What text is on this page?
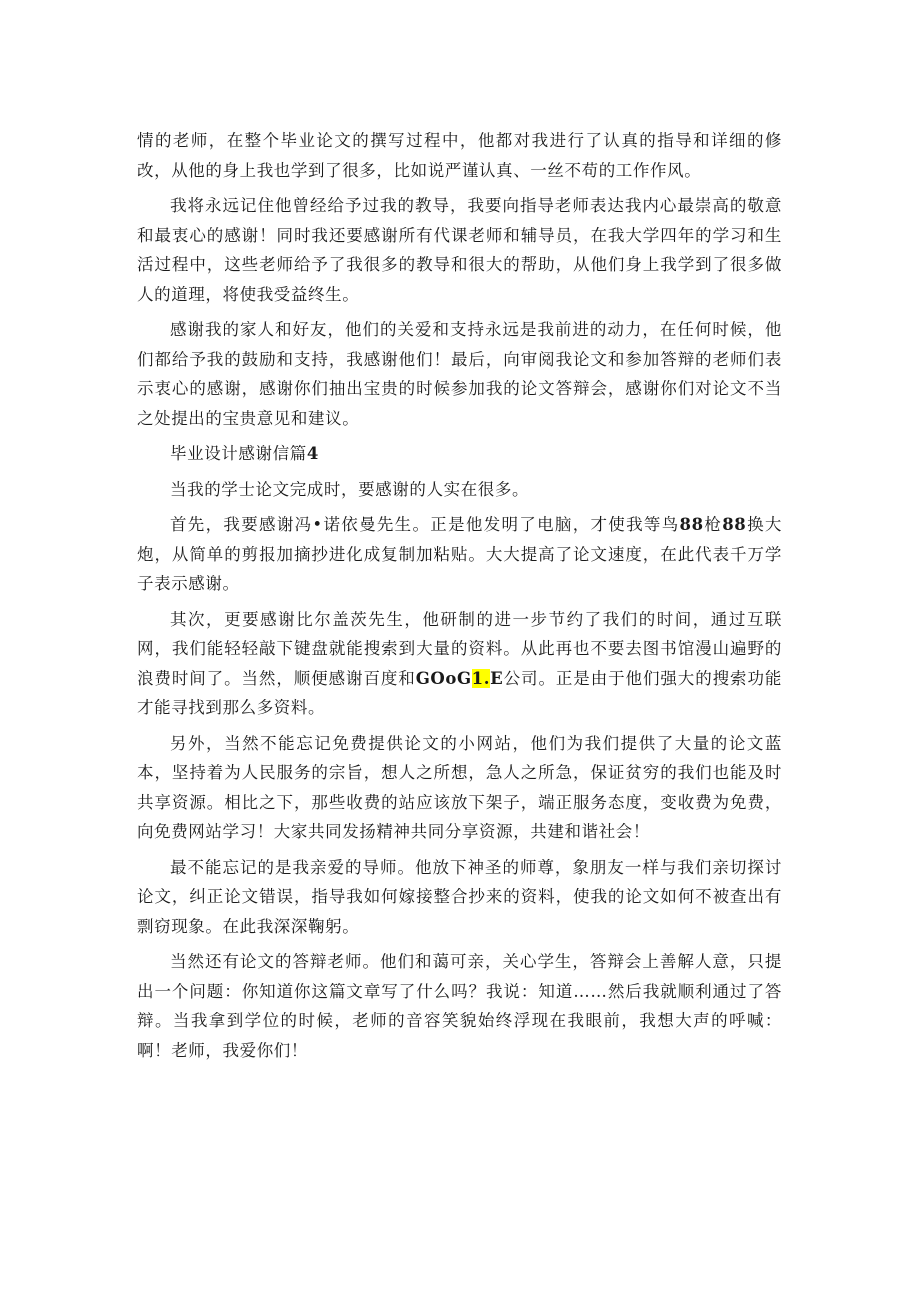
情的老师，在整个毕业论文的撰写过程中，他都对我进行了认真的指导和详细的修改，从他的身上我也学到了很多，比如说严谨认真、一丝不苟的工作作风。

我将永远记住他曾经给予过我的教导，我要向指导老师表达我内心最崇高的敬意和最衷心的感谢！同时我还要感谢所有代课老师和辅导员，在我大学四年的学习和生活过程中，这些老师给予了我很多的教导和很大的帮助，从他们身上我学到了很多做人的道理，将使我受益终生。

感谢我的家人和好友，他们的关爱和支持永远是我前进的动力，在任何时候，他们都给予我的鼓励和支持，我感谢他们！最后，向审阅我论文和参加答辩的老师们表示衷心的感谢，感谢你们抽出宝贵的时候参加我的论文答辩会，感谢你们对论文不当之处提出的宝贵意见和建议。

毕业设计感谢信篇4

当我的学士论文完成时，要感谢的人实在很多。

首先，我要感谢冯•诺依曼先生。正是他发明了电脑，才使我等鸟88枪88换大炮，从简单的剪报加摘抄进化成复制加粘贴。大大提高了论文速度，在此代表千万学子表示感谢。

其次，更要感谢比尔盖茨先生，他研制的进一步节约了我们的时间，通过互联网，我们能轻轻敲下键盘就能搜索到大量的资料。从此再也不要去图书馆漫山遍野的浪费时间了。当然，顺便感谢百度和GOoG1.E公司。正是由于他们强大的搜索功能才能寻找到那么多资料。

另外，当然不能忘记免费提供论文的小网站，他们为我们提供了大量的论文蓝本，坚持着为人民服务的宗旨，想人之所想，急人之所急，保证贫穷的我们也能及时共享资源。相比之下，那些收费的站应该放下架子，端正服务态度，变收费为免费，向免费网站学习！大家共同发扬精神共同分享资源，共建和谐社会！

最不能忘记的是我亲爱的导师。他放下神圣的师尊，象朋友一样与我们亲切探讨论文，纠正论文错误，指导我如何嫁接整合抄来的资料，使我的论文如何不被查出有剽窃现象。在此我深深鞠躬。

当然还有论文的答辩老师。他们和蔼可亲，关心学生，答辩会上善解人意，只提出一个问题：你知道你这篇文章写了什么吗？我说：知道……然后我就顺利通过了答辩。当我拿到学位的时候，老师的音容笑貌始终浮现在我眼前，我想大声的呼喊：啊！老师，我爱你们！
